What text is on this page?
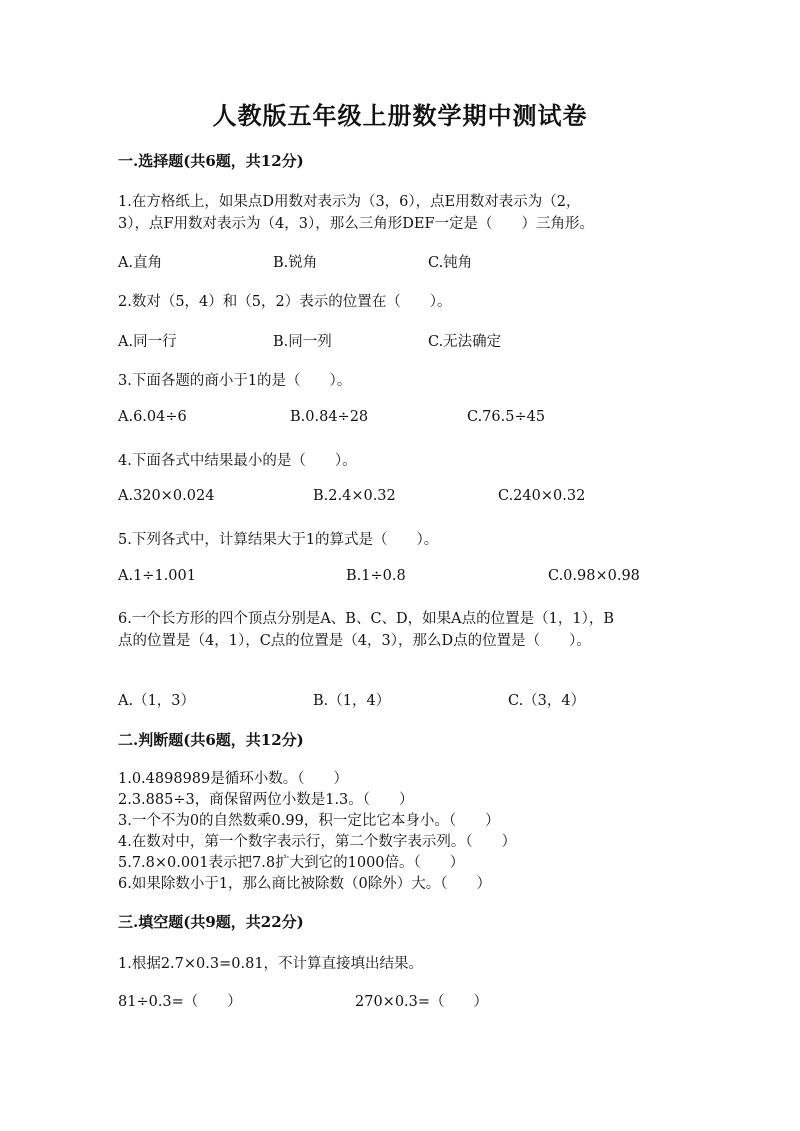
人教版五年级上册数学期中测试卷
一.选择题(共6题，共12分)
1.在方格纸上，如果点D用数对表示为（3，6），点E用数对表示为（2，
3），点F用数对表示为（4，3），那么三角形DEF一定是（　　）三角形。
A.直角	B.锐角	C.钝角
2.数对（5，4）和（5，2）表示的位置在（　　）。
A.同一行	B.同一列	C.无法确定
3.下面各题的商小于1的是（　　）。
A.6.04÷6	B.0.84÷28	C.76.5÷45
4.下面各式中结果最小的是（　　）。
A.320×0.024	B.2.4×0.32	C.240×0.32
5.下列各式中，计算结果大于1的算式是（　　）。
A.1÷1.001	B.1÷0.8	C.0.98×0.98
6.一个长方形的四个顶点分别是A、B、C、D，如果A点的位置是（1，1），B
点的位置是（4，1），C点的位置是（4，3），那么D点的位置是（　　）。
A.（1，3）	B.（1，4）	C.（3，4）
二.判断题(共6题，共12分)
1.0.4898989是循环小数。（　　）
2.3.885÷3，商保留两位小数是1.3。（　　）
3.一个不为0的自然数乘0.99，积一定比它本身小。（　　）
4.在数对中，第一个数字表示行，第二个数字表示列。（　　）
5.7.8×0.001表示把7.8扩大到它的1000倍。（　　）
6.如果除数小于1，那么商比被除数（0除外）大。（　　）
三.填空题(共9题，共22分)
1.根据2.7×0.3=0.81，不计算直接填出结果。
81÷0.3=（　　）	270×0.3=（　　）
